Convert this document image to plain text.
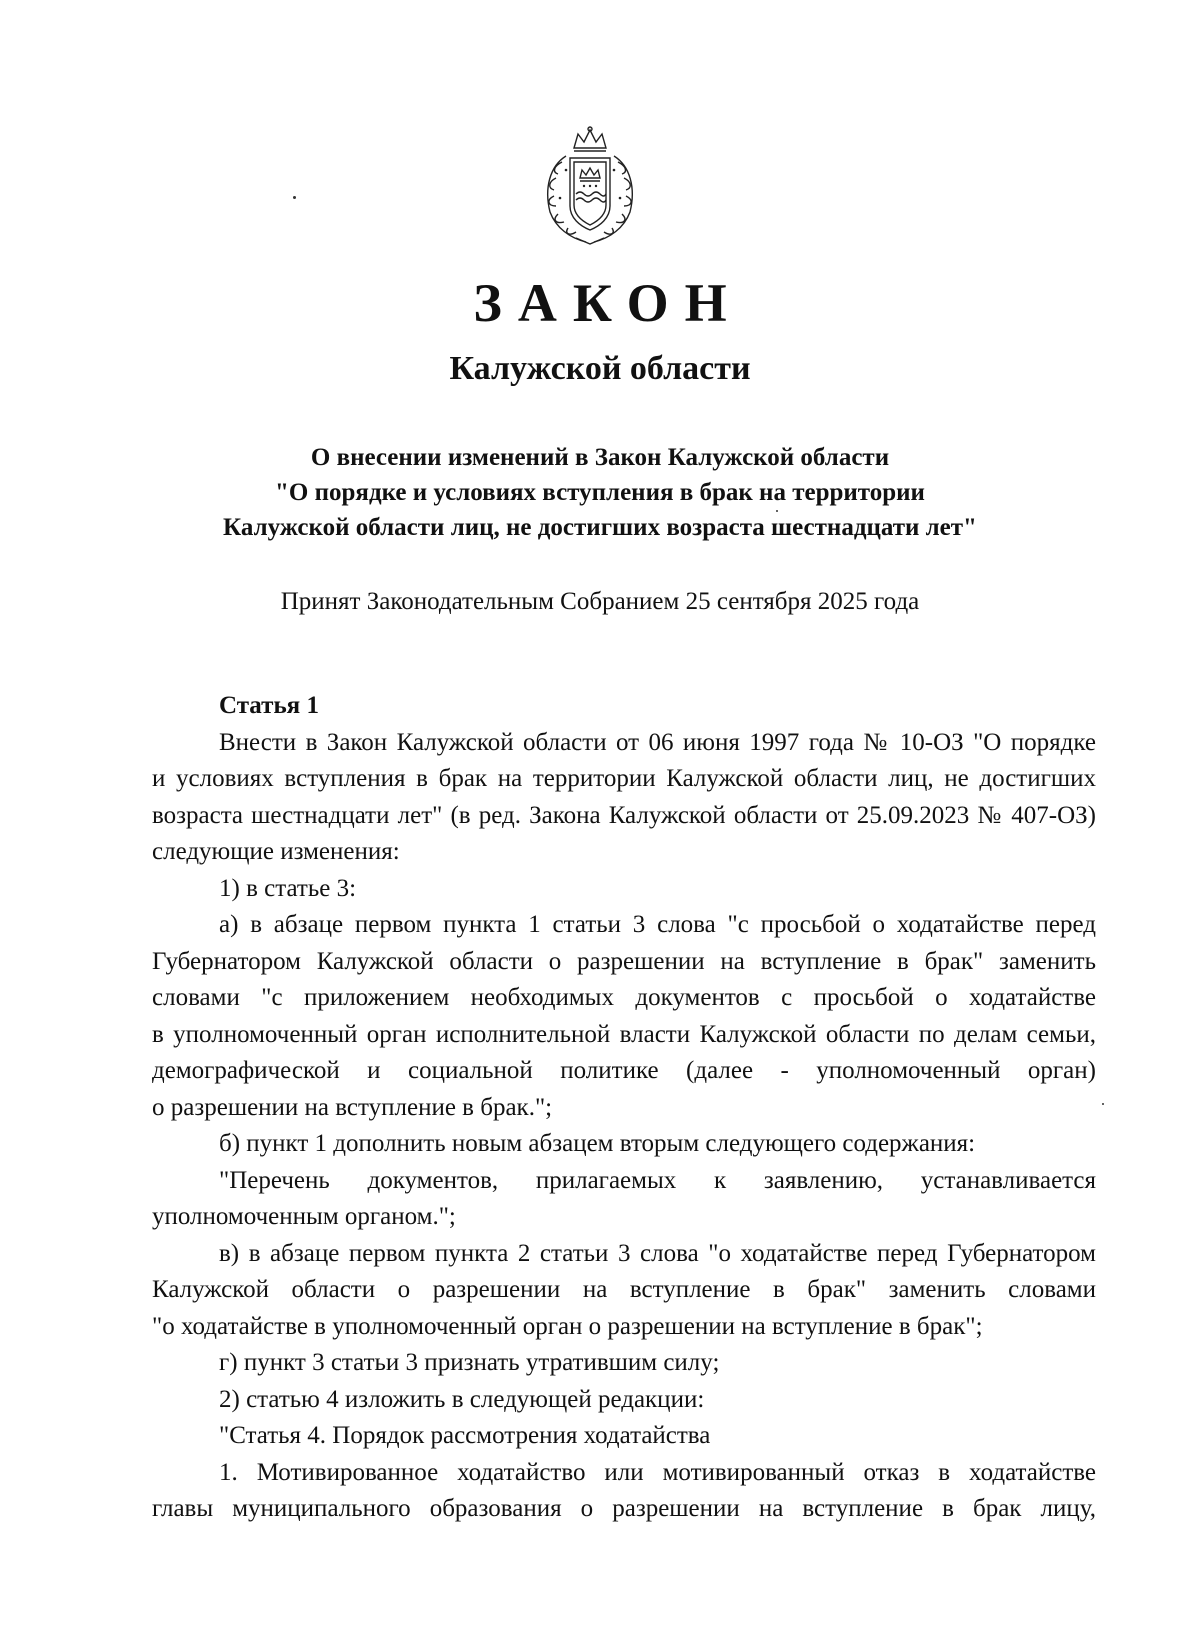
ЗАКОН
Калужской области
О внесении изменений в Закон Калужской области
"О порядке и условиях вступления в брак на территории
Калужской области лиц, не достигших возраста шестнадцати лет"
Принят Законодательным Собранием 25 сентября 2025 года

Статья 1

Внести в Закон Калужской области от 06 июня 1997 года № 10-ОЗ "О порядке

и условиях вступления в брак на территории Калужской области лиц, не достигших

возраста шестнадцати лет" (в ред. Закона Калужской области от 25.09.2023 № 407-ОЗ)

следующие изменения:

1) в статье 3:

а) в абзаце первом пункта 1 статьи 3 слова "с просьбой о ходатайстве перед

Губернатором Калужской области о разрешении на вступление в брак" заменить

словами "с приложением необходимых документов с просьбой о ходатайстве

в уполномоченный орган исполнительной власти Калужской области по делам семьи,

демографической и социальной политике (далее - уполномоченный орган)

о разрешении на вступление в брак.";

б) пункт 1 дополнить новым абзацем вторым следующего содержания:

"Перечень документов, прилагаемых к заявлению, устанавливается

уполномоченным органом.";

в) в абзаце первом пункта 2 статьи 3 слова "о ходатайстве перед Губернатором

Калужской области о разрешении на вступление в брак" заменить словами

"о ходатайстве в уполномоченный орган о разрешении на вступление в брак";

г) пункт 3 статьи 3 признать утратившим силу;

2) статью 4 изложить в следующей редакции:

"Статья 4. Порядок рассмотрения ходатайства

1. Мотивированное ходатайство или мотивированный отказ в ходатайстве

главы муниципального образования о разрешении на вступление в брак лицу,
